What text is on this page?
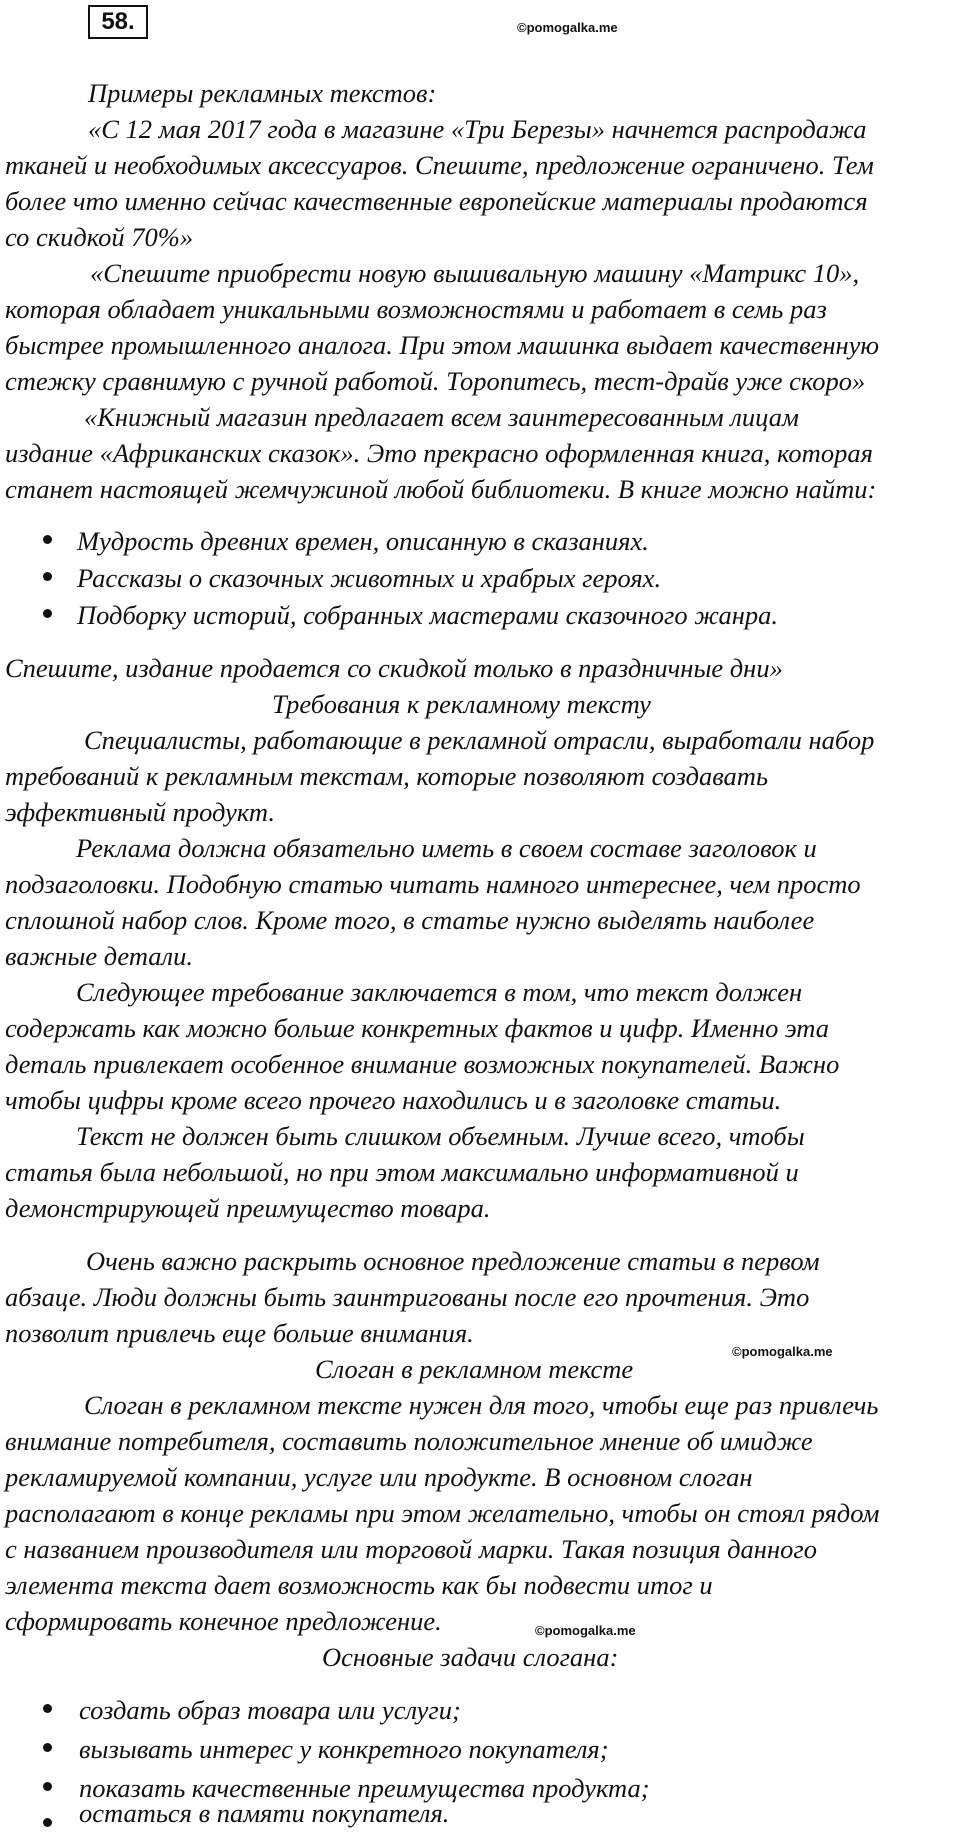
58.	©pomogalka.me
Примеры рекламных текстов:
«С 12 мая 2017 года в магазине «Три Березы» начнется распродажа
тканей и необходимых аксессуаров. Спешите, предложение ограничено. Тем
более что именно сейчас качественные европейские материалы продаются
со скидкой 70%»
«Спешите приобрести новую вышивальную машину «Матрикс 10»,
которая обладает уникальными возможностями и работает в семь раз
быстрее промышленного аналога. При этом машинка выдает качественную
стежку сравнимую с ручной работой. Торопитесь, тест-драйв уже скоро»
«Книжный магазин предлагает всем заинтересованным лицам
издание «Африканских сказок». Это прекрасно оформленная книга, которая
станет настоящей жемчужиной любой библиотеки. В книге можно найти:
Мудрость древних времен, описанную в сказаниях.
Рассказы о сказочных животных и храбрых героях.
Подборку историй, собранных мастерами сказочного жанра.
Спешите, издание продается со скидкой только в праздничные дни»
Требования к рекламному тексту
Специалисты, работающие в рекламной отрасли, выработали набор
требований к рекламным текстам, которые позволяют создавать
эффективный продукт.
Реклама должна обязательно иметь в своем составе заголовок и
подзаголовки. Подобную статью читать намного интереснее, чем просто
сплошной набор слов. Кроме того, в статье нужно выделять наиболее
важные детали.
Следующее требование заключается в том, что текст должен
содержать как можно больше конкретных фактов и цифр. Именно эта
деталь привлекает особенное внимание возможных покупателей. Важно
чтобы цифры кроме всего прочего находились и в заголовке статьи.
Текст не должен быть слишком объемным. Лучше всего, чтобы
статья была небольшой, но при этом максимально информативной и
демонстрирующей преимущество товара.
Очень важно раскрыть основное предложение статьи в первом
абзаце. Люди должны быть заинтригованы после его прочтения. Это
позволит привлечь еще больше внимания.
©pomogalka.me
Слоган в рекламном тексте
Слоган в рекламном тексте нужен для того, чтобы еще раз привлечь
внимание потребителя, составить положительное мнение об имидже
рекламируемой компании, услуге или продукте. В основном слоган
располагают в конце рекламы при этом желательно, чтобы он стоял рядом
с названием производителя или торговой марки. Такая позиция данного
элемента текста дает возможность как бы подвести итог и
сформировать конечное предложение.	©pomogalka.me
Основные задачи слогана:
создать образ товара или услуги;
вызывать интерес у конкретного покупателя;
показать качественные преимущества продукта;
остаться в памяти покупателя.
